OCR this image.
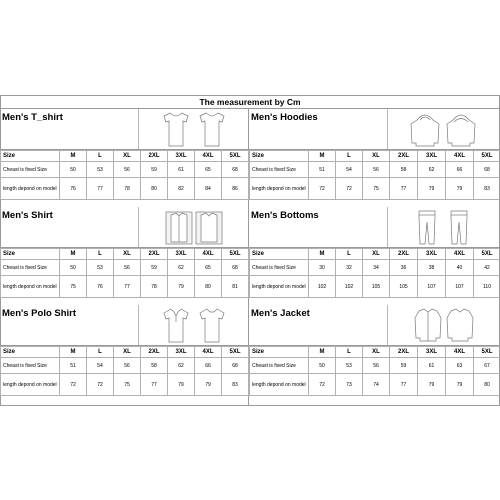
The measurement by Cm
Men's T_shirt
Size	M	L	XL	2XL	3XL	4XL	5XL
Cheast is fixed Size	50	53	56	59	61	65	68
length depond on model	76	77	78	80	82	84	86
Men's Hoodies
Size	M	L	XL	2XL	3XL	4XL	5XL
Cheast is fixed Size	51	54	56	58	62	66	68
length depond on model	72	72	75	77	79	79	83
Men's Shirt
Size	M	L	XL	2XL	3XL	4XL	5XL
Cheast is fixed Size	50	53	56	59	62	65	68
length depond on model	75	76	77	78	79	80	81
Men's Bottoms
Size	M	L	XL	2XL	3XL	4XL	5XL
Cheast is fixed Size	30	32	34	36	38	40	42
length depond on model	102	102	105	105	107	107	110
Men's Polo Shirt
Size	M	L	XL	2XL	3XL	4XL	5XL
Cheast is fixed Size	51	54	56	58	62	66	68
length depond on model	72	72	75	77	79	79	83
Men's Jacket
Size	M	L	XL	2XL	3XL	4XL	5XL
Cheast is fixed Size	50	53	56	59	61	63	67
length depond on model	72	73	74	77	79	79	80
